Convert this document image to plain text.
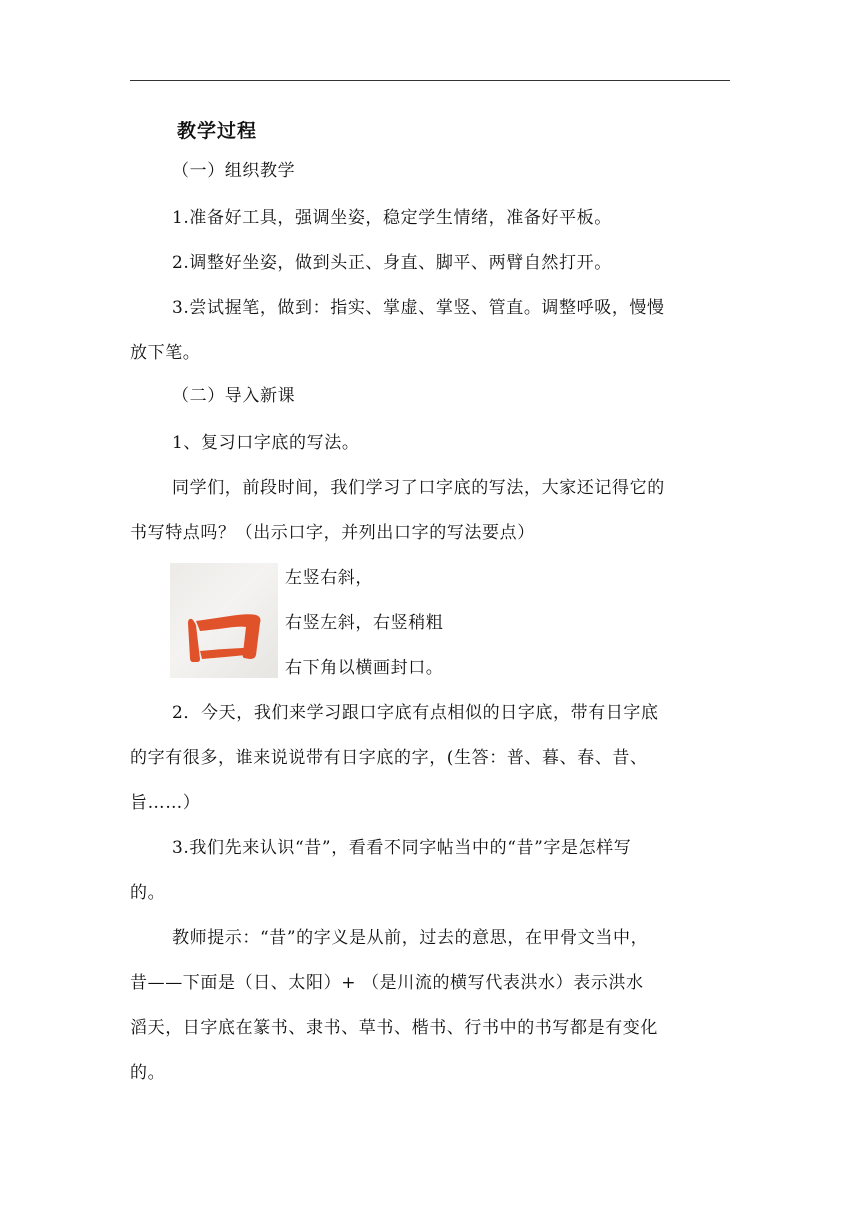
教学过程
（一）组织教学
1.准备好工具，强调坐姿，稳定学生情绪，准备好平板。
2.调整好坐姿，做到头正、身直、脚平、两臂自然打开。
3.尝试握笔，做到：指实、掌虚、掌竖、管直。调整呼吸，慢慢
放下笔。
（二）导入新课
1、复习口字底的写法。
同学们，前段时间，我们学习了口字底的写法，大家还记得它的
书写特点吗？（出示口字，并列出口字的写法要点）
左竖右斜，
右竖左斜，右竖稍粗
右下角以横画封口。
2．今天，我们来学习跟口字底有点相似的日字底，带有日字底
的字有很多，谁来说说带有日字底的字，(生答：普、暮、春、昔、
旨……）
3.我们先来认识“昔”，看看不同字帖当中的“昔”字是怎样写
的。
教师提示：“昔”的字义是从前，过去的意思，在甲骨文当中，
昔——下面是（日、太阳）+ （是川流的横写代表洪水）表示洪水
滔天，日字底在篆书、隶书、草书、楷书、行书中的书写都是有变化
的。
